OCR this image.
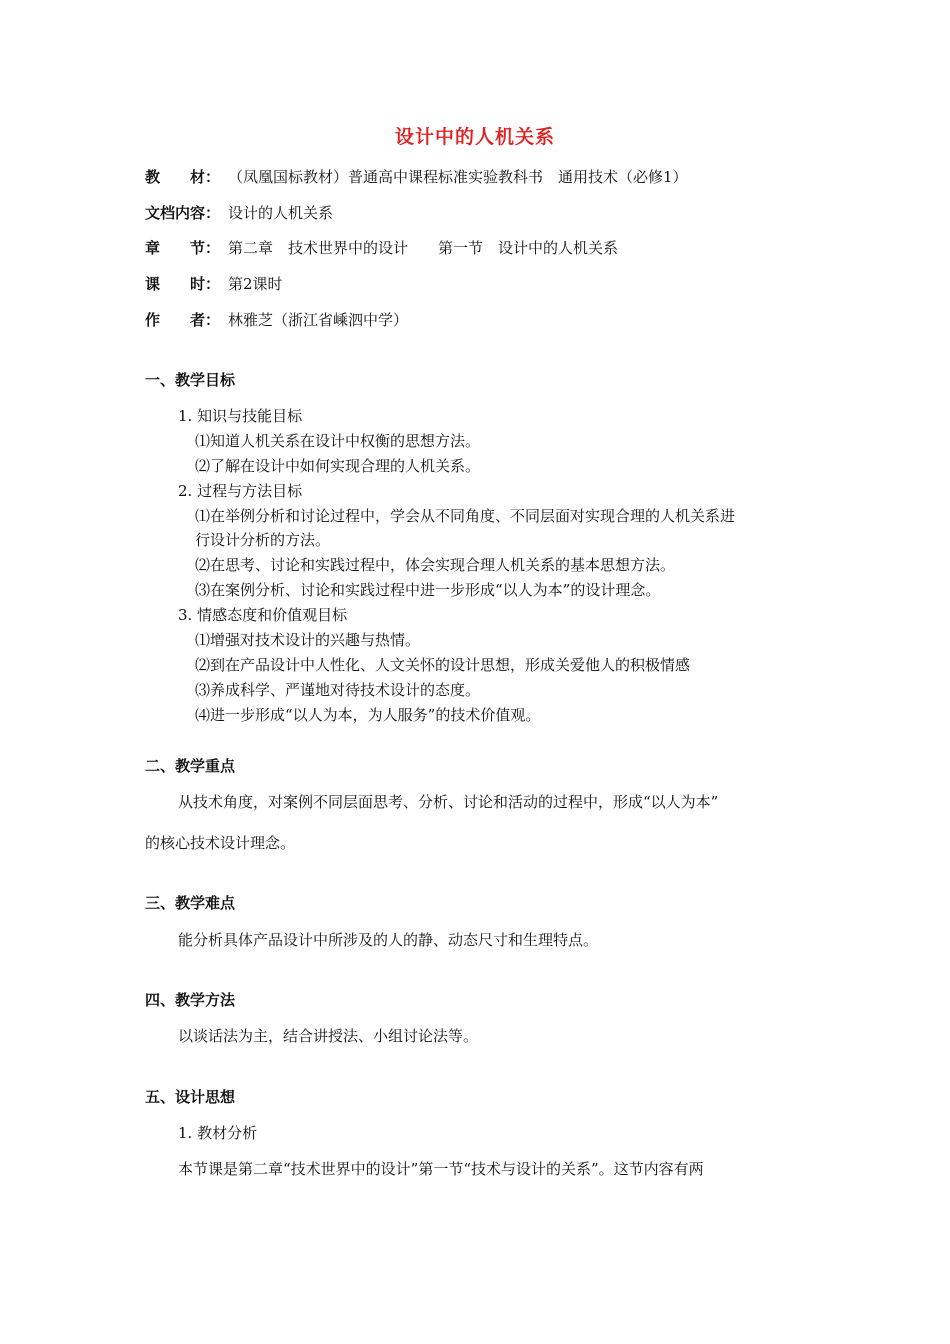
设计中的人机关系
教　　材： （凤凰国标教材）普通高中课程标准实验教科书　通用技术（必修1）
文档内容： 设计的人机关系
章　　节： 第二章　技术世界中的设计　　第一节　设计中的人机关系
课　　时： 第2课时
作　　者： 林雅芝（浙江省嵊泗中学）
一、教学目标
1. 知识与技能目标
⑴知道人机关系在设计中权衡的思想方法。
⑵了解在设计中如何实现合理的人机关系。
2. 过程与方法目标
⑴在举例分析和讨论过程中，学会从不同角度、不同层面对实现合理的人机关系进
行设计分析的方法。
⑵在思考、讨论和实践过程中，体会实现合理人机关系的基本思想方法。
⑶在案例分析、讨论和实践过程中进一步形成“以人为本”的设计理念。
3. 情感态度和价值观目标
⑴增强对技术设计的兴趣与热情。
⑵到在产品设计中人性化、人文关怀的设计思想，形成关爱他人的积极情感
⑶养成科学、严谨地对待技术设计的态度。
⑷进一步形成“以人为本，为人服务”的技术价值观。
二、教学重点
从技术角度，对案例不同层面思考、分析、讨论和活动的过程中，形成“以人为本”
的核心技术设计理念。
三、教学难点
能分析具体产品设计中所涉及的人的静、动态尺寸和生理特点。
四、教学方法
以谈话法为主，结合讲授法、小组讨论法等。
五、设计思想
1. 教材分析
本节课是第二章“技术世界中的设计”第一节“技术与设计的关系”。这节内容有两
